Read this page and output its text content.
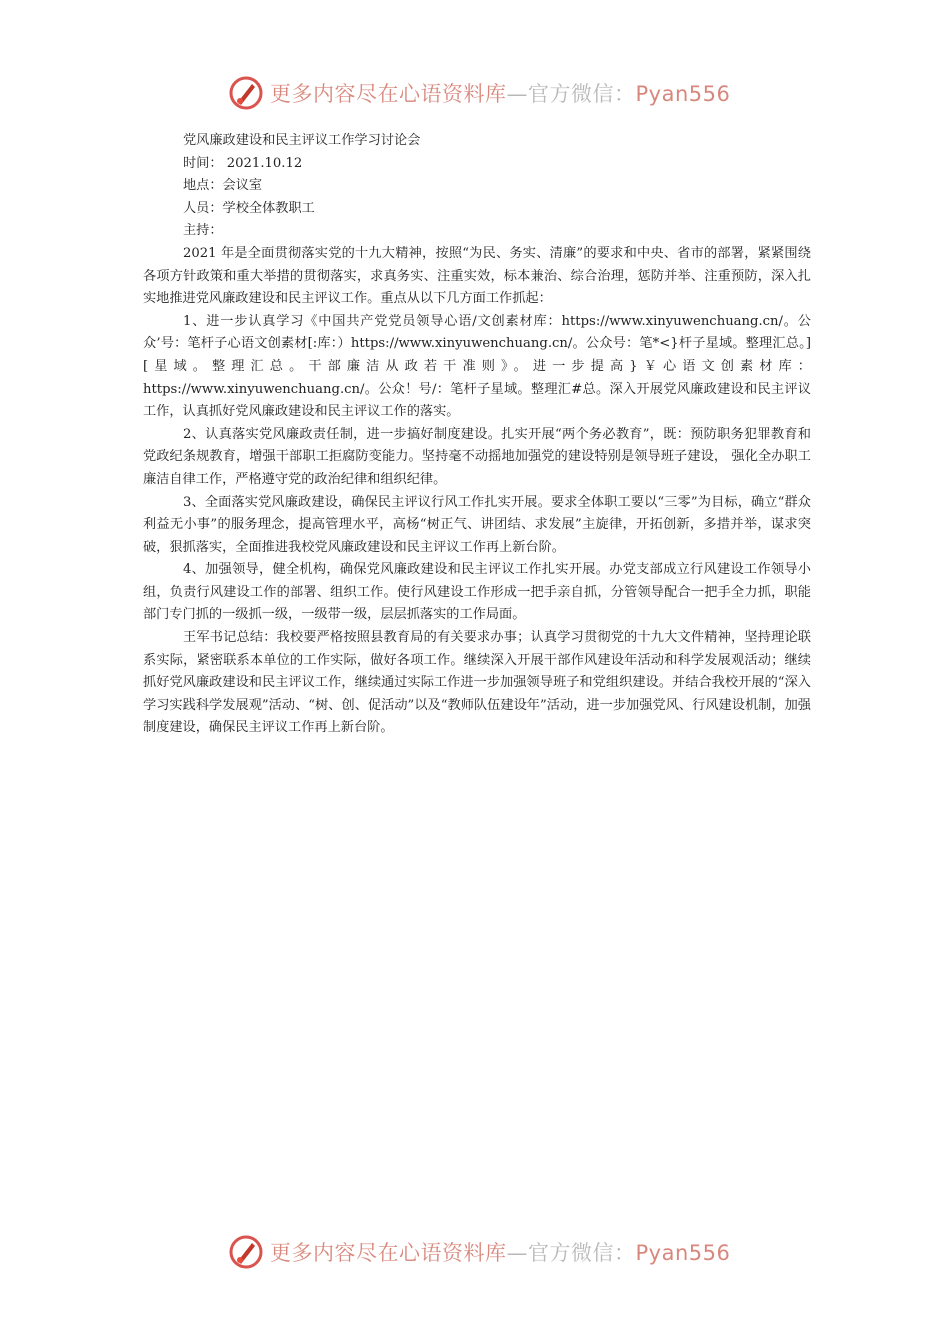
更多内容尽在心语资料库—官方微信：Pyan556

党风廉政建设和民主评议工作学习讨论会

时间： 2021.10.12

地点：会议室

人员：学校全体教职工

主持：

2021 年是全面贯彻落实党的十九大精神，按照“为民、务实、清廉”的要求和中央、省市的部署，紧紧围绕各项方针政策和重大举措的贯彻落实，求真务实、注重实效，标本兼治、综合治理，惩防并举、注重预防，深入扎实地推进党风廉政建设和民主评议工作。重点从以下几方面工作抓起：

1、进一步认真学习《中国共产党党员领导心语/文创素材库：https://www.xinyuwenchuang.cn/。公众’号：笔杆子心语文创素材[:库：）https://www.xinyuwenchuang.cn/。公众号：笔*<}杆子星域。整理汇总。][星域。整理汇总。干部廉洁从政若干准则》。进一步提高}￥心语文创素材库：https://www.xinyuwenchuang.cn/。公众！号/：笔杆子星域。整理汇#总。深入开展党风廉政建设和民主评议工作，认真抓好党风廉政建设和民主评议工作的落实。

2、认真落实党风廉政责任制，进一步搞好制度建设。扎实开展“两个务必教育”，既：预防职务犯罪教育和党政纪条规教育，增强干部职工拒腐防变能力。坚持毫不动摇地加强党的建设特别是领导班子建设， 强化全办职工廉洁自律工作，严格遵守党的政治纪律和组织纪律。

3、全面落实党风廉政建设，确保民主评议行风工作扎实开展。要求全体职工要以“三零”为目标，确立“群众利益无小事”的服务理念，提高管理水平，高杨“树正气、讲团结、求发展”主旋律，开拓创新，多措并举，谋求突破，狠抓落实，全面推进我校党风廉政建设和民主评议工作再上新台阶。

4、加强领导，健全机构，确保党风廉政建设和民主评议工作扎实开展。办党支部成立行风建设工作领导小组，负责行风建设工作的部署、组织工作。使行风建设工作形成一把手亲自抓，分管领导配合一把手全力抓，职能部门专门抓的一级抓一级，一级带一级，层层抓落实的工作局面。

王军书记总结：我校要严格按照县教育局的有关要求办事；认真学习贯彻党的十九大文件精神，坚持理论联系实际，紧密联系本单位的工作实际，做好各项工作。继续深入开展干部作风建设年活动和科学发展观活动；继续抓好党风廉政建设和民主评议工作，继续通过实际工作进一步加强领导班子和党组织建设。并结合我校开展的“深入学习实践科学发展观”活动、“树、创、促活动”以及“教师队伍建设年”活动，进一步加强党风、行风建设机制，加强制度建设，确保民主评议工作再上新台阶。

更多内容尽在心语资料库—官方微信：Pyan556
